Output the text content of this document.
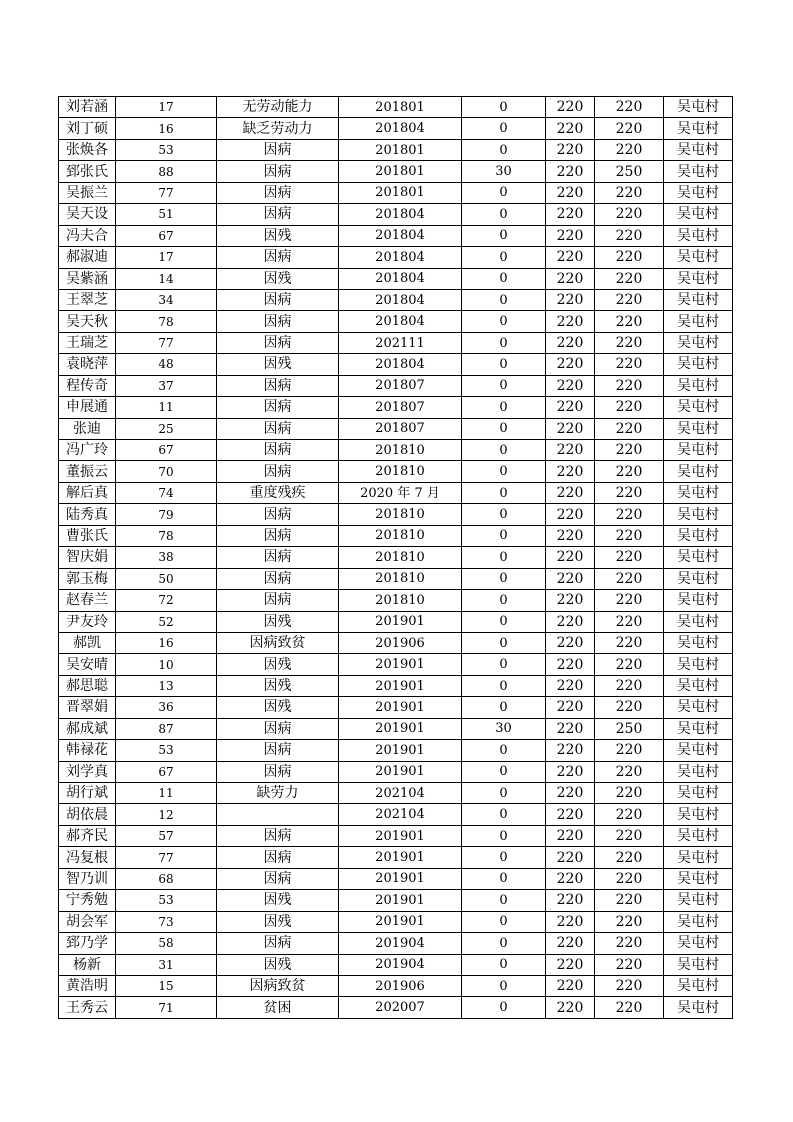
刘若涵	17	无劳动能力	201801	0	220	220	吴屯村
刘丁硕	16	缺乏劳动力	201804	0	220	220	吴屯村
张焕各	53	因病	201801	0	220	220	吴屯村
郅张氏	88	因病	201801	30	220	250	吴屯村
吴振兰	77	因病	201801	0	220	220	吴屯村
吴天设	51	因病	201804	0	220	220	吴屯村
冯夫合	67	因残	201804	0	220	220	吴屯村
郝淑迪	17	因病	201804	0	220	220	吴屯村
吴紫涵	14	因残	201804	0	220	220	吴屯村
王翠芝	34	因病	201804	0	220	220	吴屯村
吴天秋	78	因病	201804	0	220	220	吴屯村
王瑞芝	77	因病	202111	0	220	220	吴屯村
袁晓萍	48	因残	201804	0	220	220	吴屯村
程传奇	37	因病	201807	0	220	220	吴屯村
申展通	11	因病	201807	0	220	220	吴屯村
张迪	25	因病	201807	0	220	220	吴屯村
冯广玲	67	因病	201810	0	220	220	吴屯村
董振云	70	因病	201810	0	220	220	吴屯村
解后真	74	重度残疾	2020 年 7 月	0	220	220	吴屯村
陆秀真	79	因病	201810	0	220	220	吴屯村
曹张氏	78	因病	201810	0	220	220	吴屯村
智庆娟	38	因病	201810	0	220	220	吴屯村
郭玉梅	50	因病	201810	0	220	220	吴屯村
赵春兰	72	因病	201810	0	220	220	吴屯村
尹友玲	52	因残	201901	0	220	220	吴屯村
郝凯	16	因病致贫	201906	0	220	220	吴屯村
吴安晴	10	因残	201901	0	220	220	吴屯村
郝思聪	13	因残	201901	0	220	220	吴屯村
晋翠娟	36	因残	201901	0	220	220	吴屯村
郝成斌	87	因病	201901	30	220	250	吴屯村
韩禄花	53	因病	201901	0	220	220	吴屯村
刘学真	67	因病	201901	0	220	220	吴屯村
胡行斌	11	缺劳力	202104	0	220	220	吴屯村
胡依晨	12		202104	0	220	220	吴屯村
郝齐民	57	因病	201901	0	220	220	吴屯村
冯复根	77	因病	201901	0	220	220	吴屯村
智乃训	68	因病	201901	0	220	220	吴屯村
宁秀勉	53	因残	201901	0	220	220	吴屯村
胡会军	73	因残	201901	0	220	220	吴屯村
郅乃学	58	因病	201904	0	220	220	吴屯村
杨新	31	因残	201904	0	220	220	吴屯村
黄浩明	15	因病致贫	201906	0	220	220	吴屯村
王秀云	71	贫困	202007	0	220	220	吴屯村
